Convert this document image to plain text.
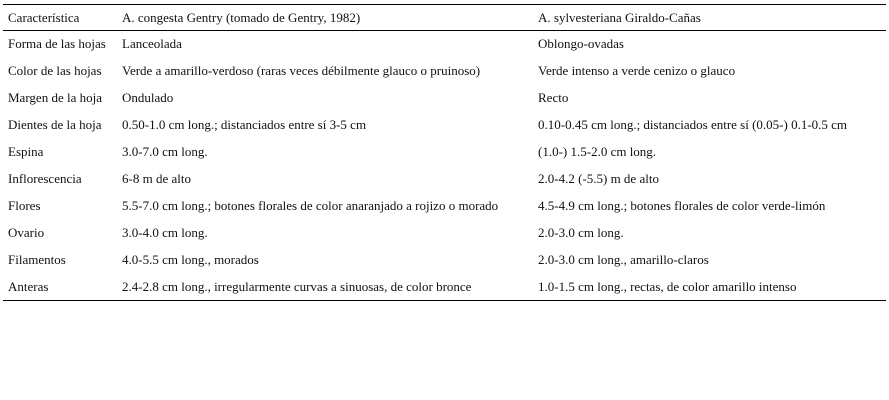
Característica	A. congesta Gentry (tomado de Gentry, 1982)	A. sylvesteriana Giraldo-Cañas
Forma de las hojas	Lanceolada	Oblongo-ovadas
Color de las hojas	Verde a amarillo-verdoso (raras veces débilmente glauco o pruinoso)	Verde intenso a verde cenizo o glauco
Margen de la hoja	Ondulado	Recto
Dientes de la hoja	0.50-1.0 cm long.; distanciados entre sí 3-5 cm	0.10-0.45 cm long.; distanciados entre sí (0.05-) 0.1-0.5 cm
Espina	3.0-7.0 cm long.	(1.0-) 1.5-2.0 cm long.
Inflorescencia	6-8 m de alto	2.0-4.2 (-5.5) m de alto
Flores	5.5-7.0 cm long.; botones florales de color anaranjado a rojizo o morado	4.5-4.9 cm long.; botones florales de color verde-limón
Ovario	3.0-4.0 cm long.	2.0-3.0 cm long.
Filamentos	4.0-5.5 cm long., morados	2.0-3.0 cm long., amarillo-claros
Anteras	2.4-2.8 cm long., irregularmente curvas a sinuosas, de color bronce	1.0-1.5 cm long., rectas, de color amarillo intenso
